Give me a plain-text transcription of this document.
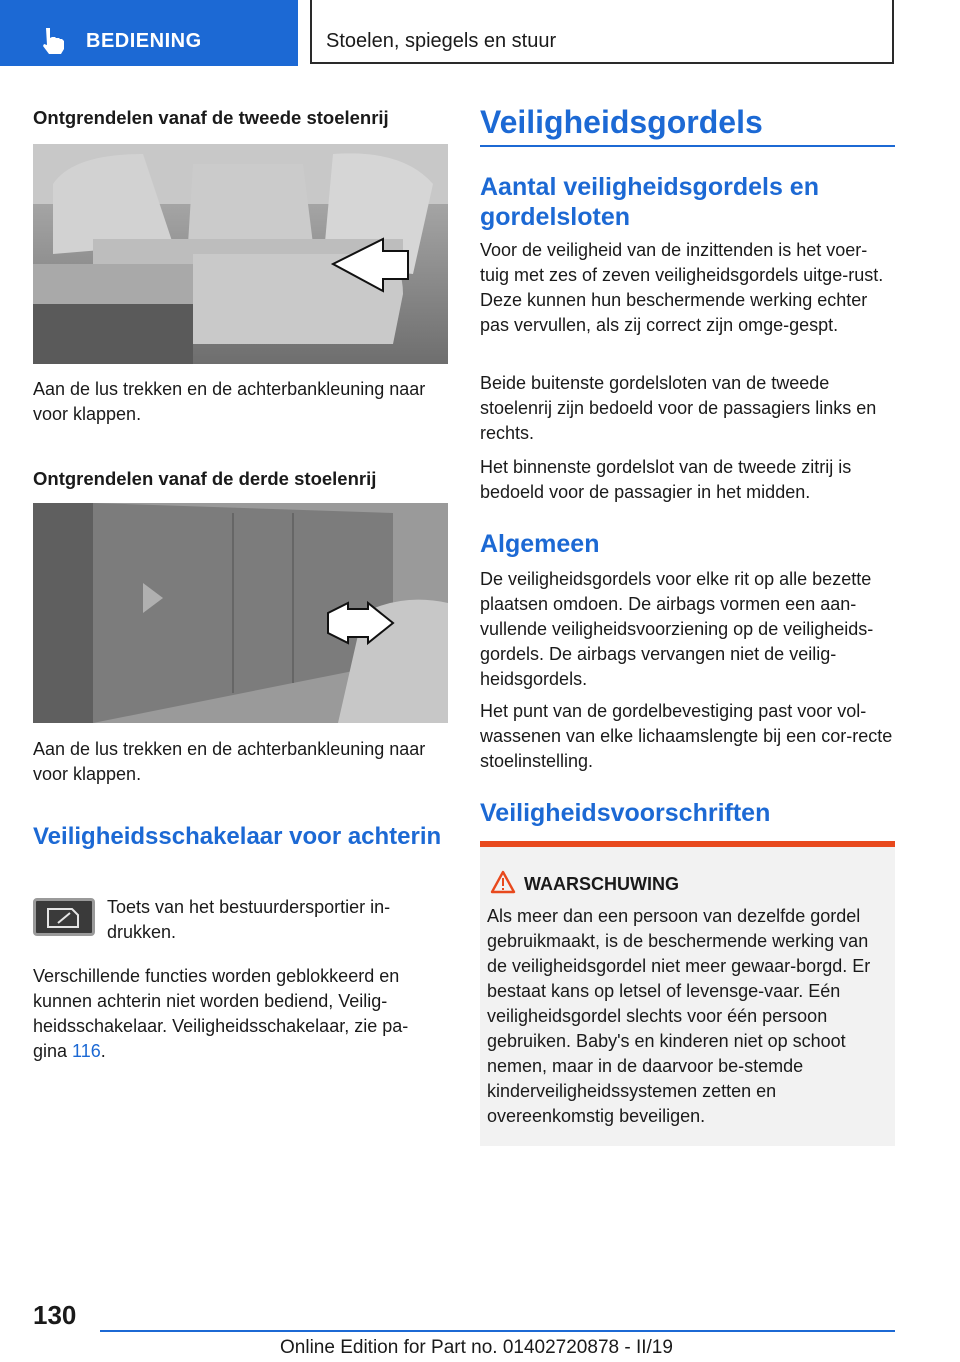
BEDIENING	Stoelen, spiegels en stuur
Ontgrendelen vanaf de tweede stoelenrij
Aan de lus trekken en de achterbankleuning naar voor klappen.
Ontgrendelen vanaf de derde stoelenrij
Aan de lus trekken en de achterbankleuning naar voor klappen.
Veiligheidsschakelaar voor achterin
Toets van het bestuurdersportier in-drukken.
Verschillende functies worden geblokkeerd en kunnen achterin niet worden bediend, Veilig-heidsschakelaar. Veiligheidsschakelaar, zie pa-gina 116.
Veiligheidsgordels
Aantal veiligheidsgordels en gordelsloten
Voor de veiligheid van de inzittenden is het voer-tuig met zes of zeven veiligheidsgordels uitge-rust. Deze kunnen hun beschermende werking echter pas vervullen, als zij correct zijn omge-gespt.
Beide buitenste gordelsloten van de tweede stoelenrij zijn bedoeld voor de passagiers links en rechts.
Het binnenste gordelslot van de tweede zitrij is bedoeld voor de passagier in het midden.
Algemeen
De veiligheidsgordels voor elke rit op alle bezette plaatsen omdoen. De airbags vormen een aan-vullende veiligheidsvoorziening op de veiligheids-gordels. De airbags vervangen niet de veilig-heidsgordels.
Het punt van de gordelbevestiging past voor vol-wassenen van elke lichaamslengte bij een cor-recte stoelinstelling.
Veiligheidsvoorschriften
WAARSCHUWING
Als meer dan een persoon van dezelfde gordel gebruikmaakt, is de beschermende werking van de veiligheidsgordel niet meer gewaar-borgd. Er bestaat kans op letsel of levensge-vaar. Eén veiligheidsgordel slechts voor één persoon gebruiken. Baby's en kinderen niet op schoot nemen, maar in de daarvoor be-stemde kinderveiligheidssystemen zetten en overeenkomstig beveiligen.
130
Online Edition for Part no. 01402720878 - II/19
